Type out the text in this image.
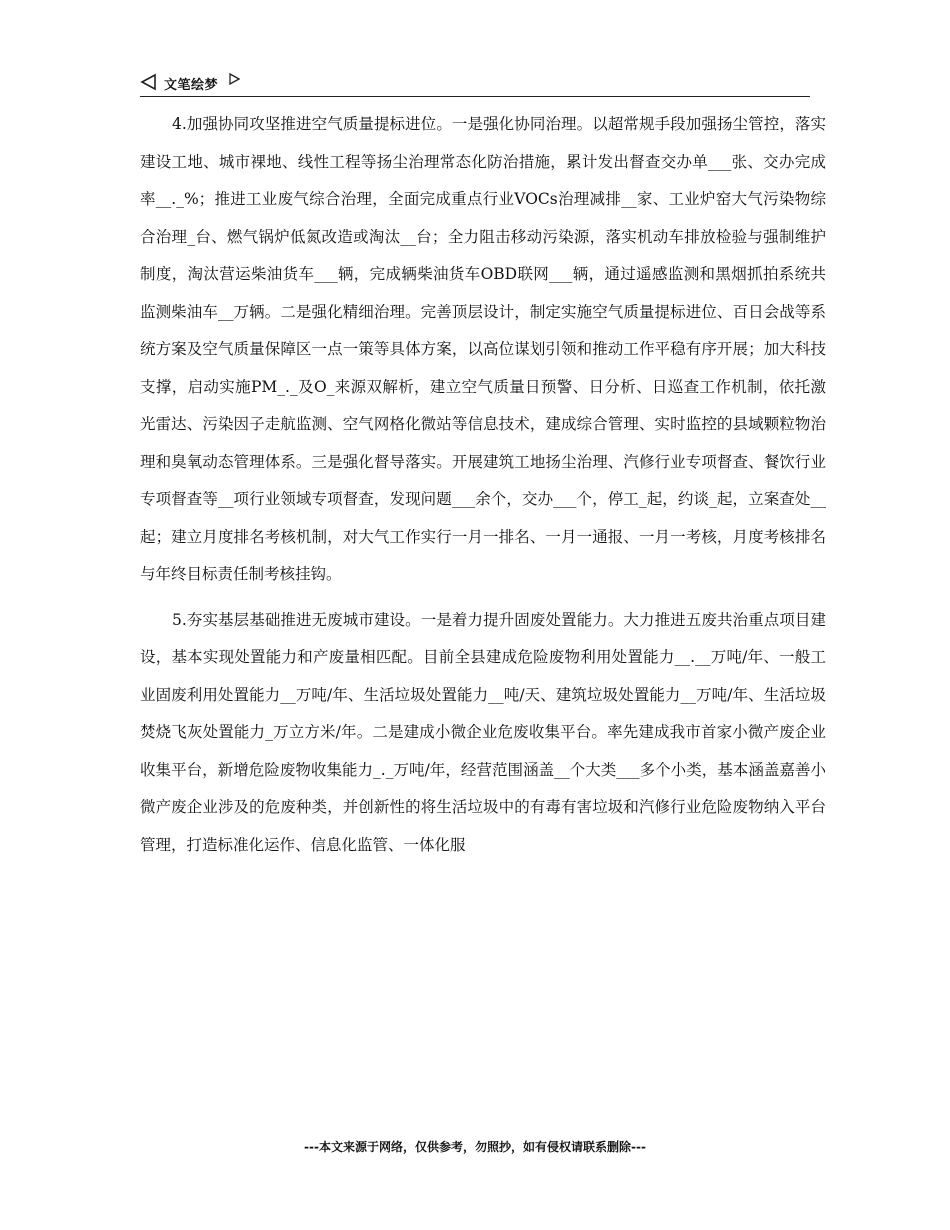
文笔绘梦

4.加强协同攻坚推进空气质量提标进位。一是强化协同治理。以超常规手段加强扬尘管控，落实建设工地、城市裸地、线性工程等扬尘治理常态化防治措施，累计发出督查交办单___张、交办完成率__._%；推进工业废气综合治理，全面完成重点行业VOCs治理减排__家、工业炉窑大气污染物综合治理_台、燃气锅炉低氮改造或淘汰__台；全力阻击移动污染源，落实机动车排放检验与强制维护制度，淘汰营运柴油货车___辆，完成辆柴油货车OBD联网___辆，通过遥感监测和黑烟抓拍系统共监测柴油车__万辆。二是强化精细治理。完善顶层设计，制定实施空气质量提标进位、百日会战等系统方案及空气质量保障区一点一策等具体方案，以高位谋划引领和推动工作平稳有序开展；加大科技支撑，启动实施PM_._及O_来源双解析，建立空气质量日预警、日分析、日巡查工作机制，依托激光雷达、污染因子走航监测、空气网格化微站等信息技术，建成综合管理、实时监控的县域颗粒物治理和臭氧动态管理体系。三是强化督导落实。开展建筑工地扬尘治理、汽修行业专项督查、餐饮行业专项督查等__项行业领域专项督查，发现问题___余个，交办___个，停工_起，约谈_起，立案查处__起；建立月度排名考核机制，对大气工作实行一月一排名、一月一通报、一月一考核，月度考核排名与年终目标责任制考核挂钩。

5.夯实基层基础推进无废城市建设。一是着力提升固废处置能力。大力推进五废共治重点项目建设，基本实现处置能力和产废量相匹配。目前全县建成危险废物利用处置能力__.__万吨/年、一般工业固废利用处置能力__万吨/年、生活垃圾处置能力__吨/天、建筑垃圾处置能力__万吨/年、生活垃圾焚烧飞灰处置能力_万立方米/年。二是建成小微企业危废收集平台。率先建成我市首家小微产废企业收集平台，新增危险废物收集能力_._万吨/年，经营范围涵盖__个大类___多个小类，基本涵盖嘉善小微产废企业涉及的危废种类，并创新性的将生活垃圾中的有毒有害垃圾和汽修行业危险废物纳入平台管理，打造标准化运作、信息化监管、一体化服

---本文来源于网络，仅供参考，勿照抄，如有侵权请联系删除---
